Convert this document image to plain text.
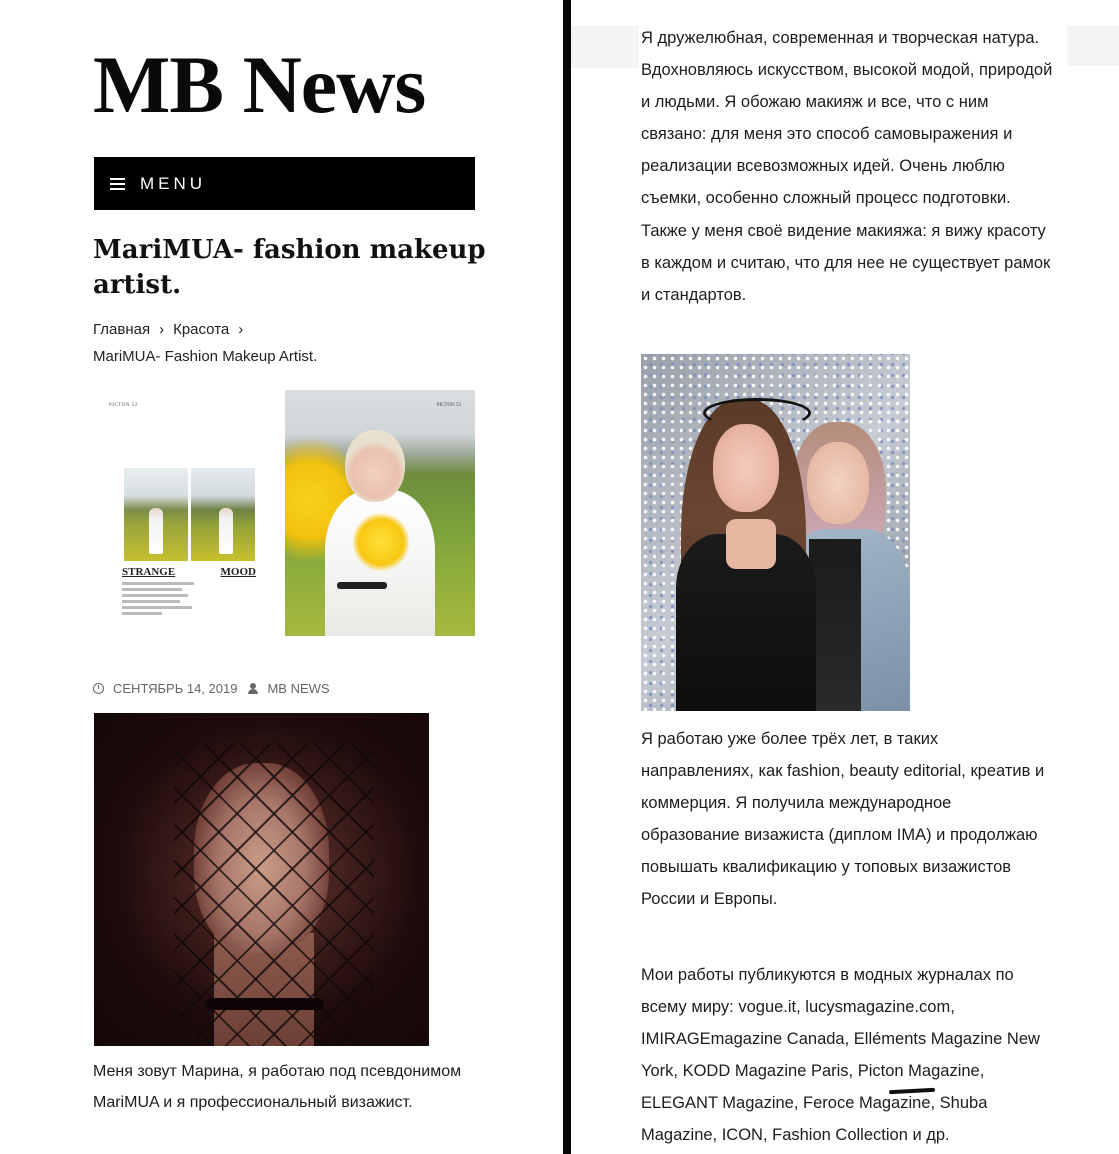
MB News
MENU
MariMUA- fashion makeup artist.
Главная › Красота ›
MariMUA- Fashion Makeup Artist.
PICTON 52
STRANGE	MOOD
PICTON 53
СЕНТЯБРЬ 14, 2019 MB NEWS

Меня зовут Марина, я работаю под псевдонимом MariMUA и я профессиональный визажист.

Я дружелюбная, современная и творческая натура. Вдохновляюсь искусством, высокой модой, природой и людьми. Я обожаю макияж и все, что с ним связано: для меня это способ самовыражения и реализации всевозможных идей. Очень люблю съемки, особенно сложный процесс подготовки. Также у меня своё видение макияжа: я вижу красоту в каждом и считаю, что для нее не существует рамок и стандартов.

Я работаю уже более трёх лет, в таких направлениях, как fashion, beauty editorial, креатив и коммерция. Я получила международное образование визажиста (диплом IMA) и продолжаю повышать квалификацию у топовых визажистов России и Европы.

Мои работы публикуются в модных журналах по всему миру: vogue.it, lucysmagazine.com, IMIRAGEmagazine Canada, Elléments Magazine New York, KODD Magazine Paris, Picton Magazine, ELEGANT Magazine, Feroce Magazine, Shuba Magazine, ICON, Fashion Collection и др.
